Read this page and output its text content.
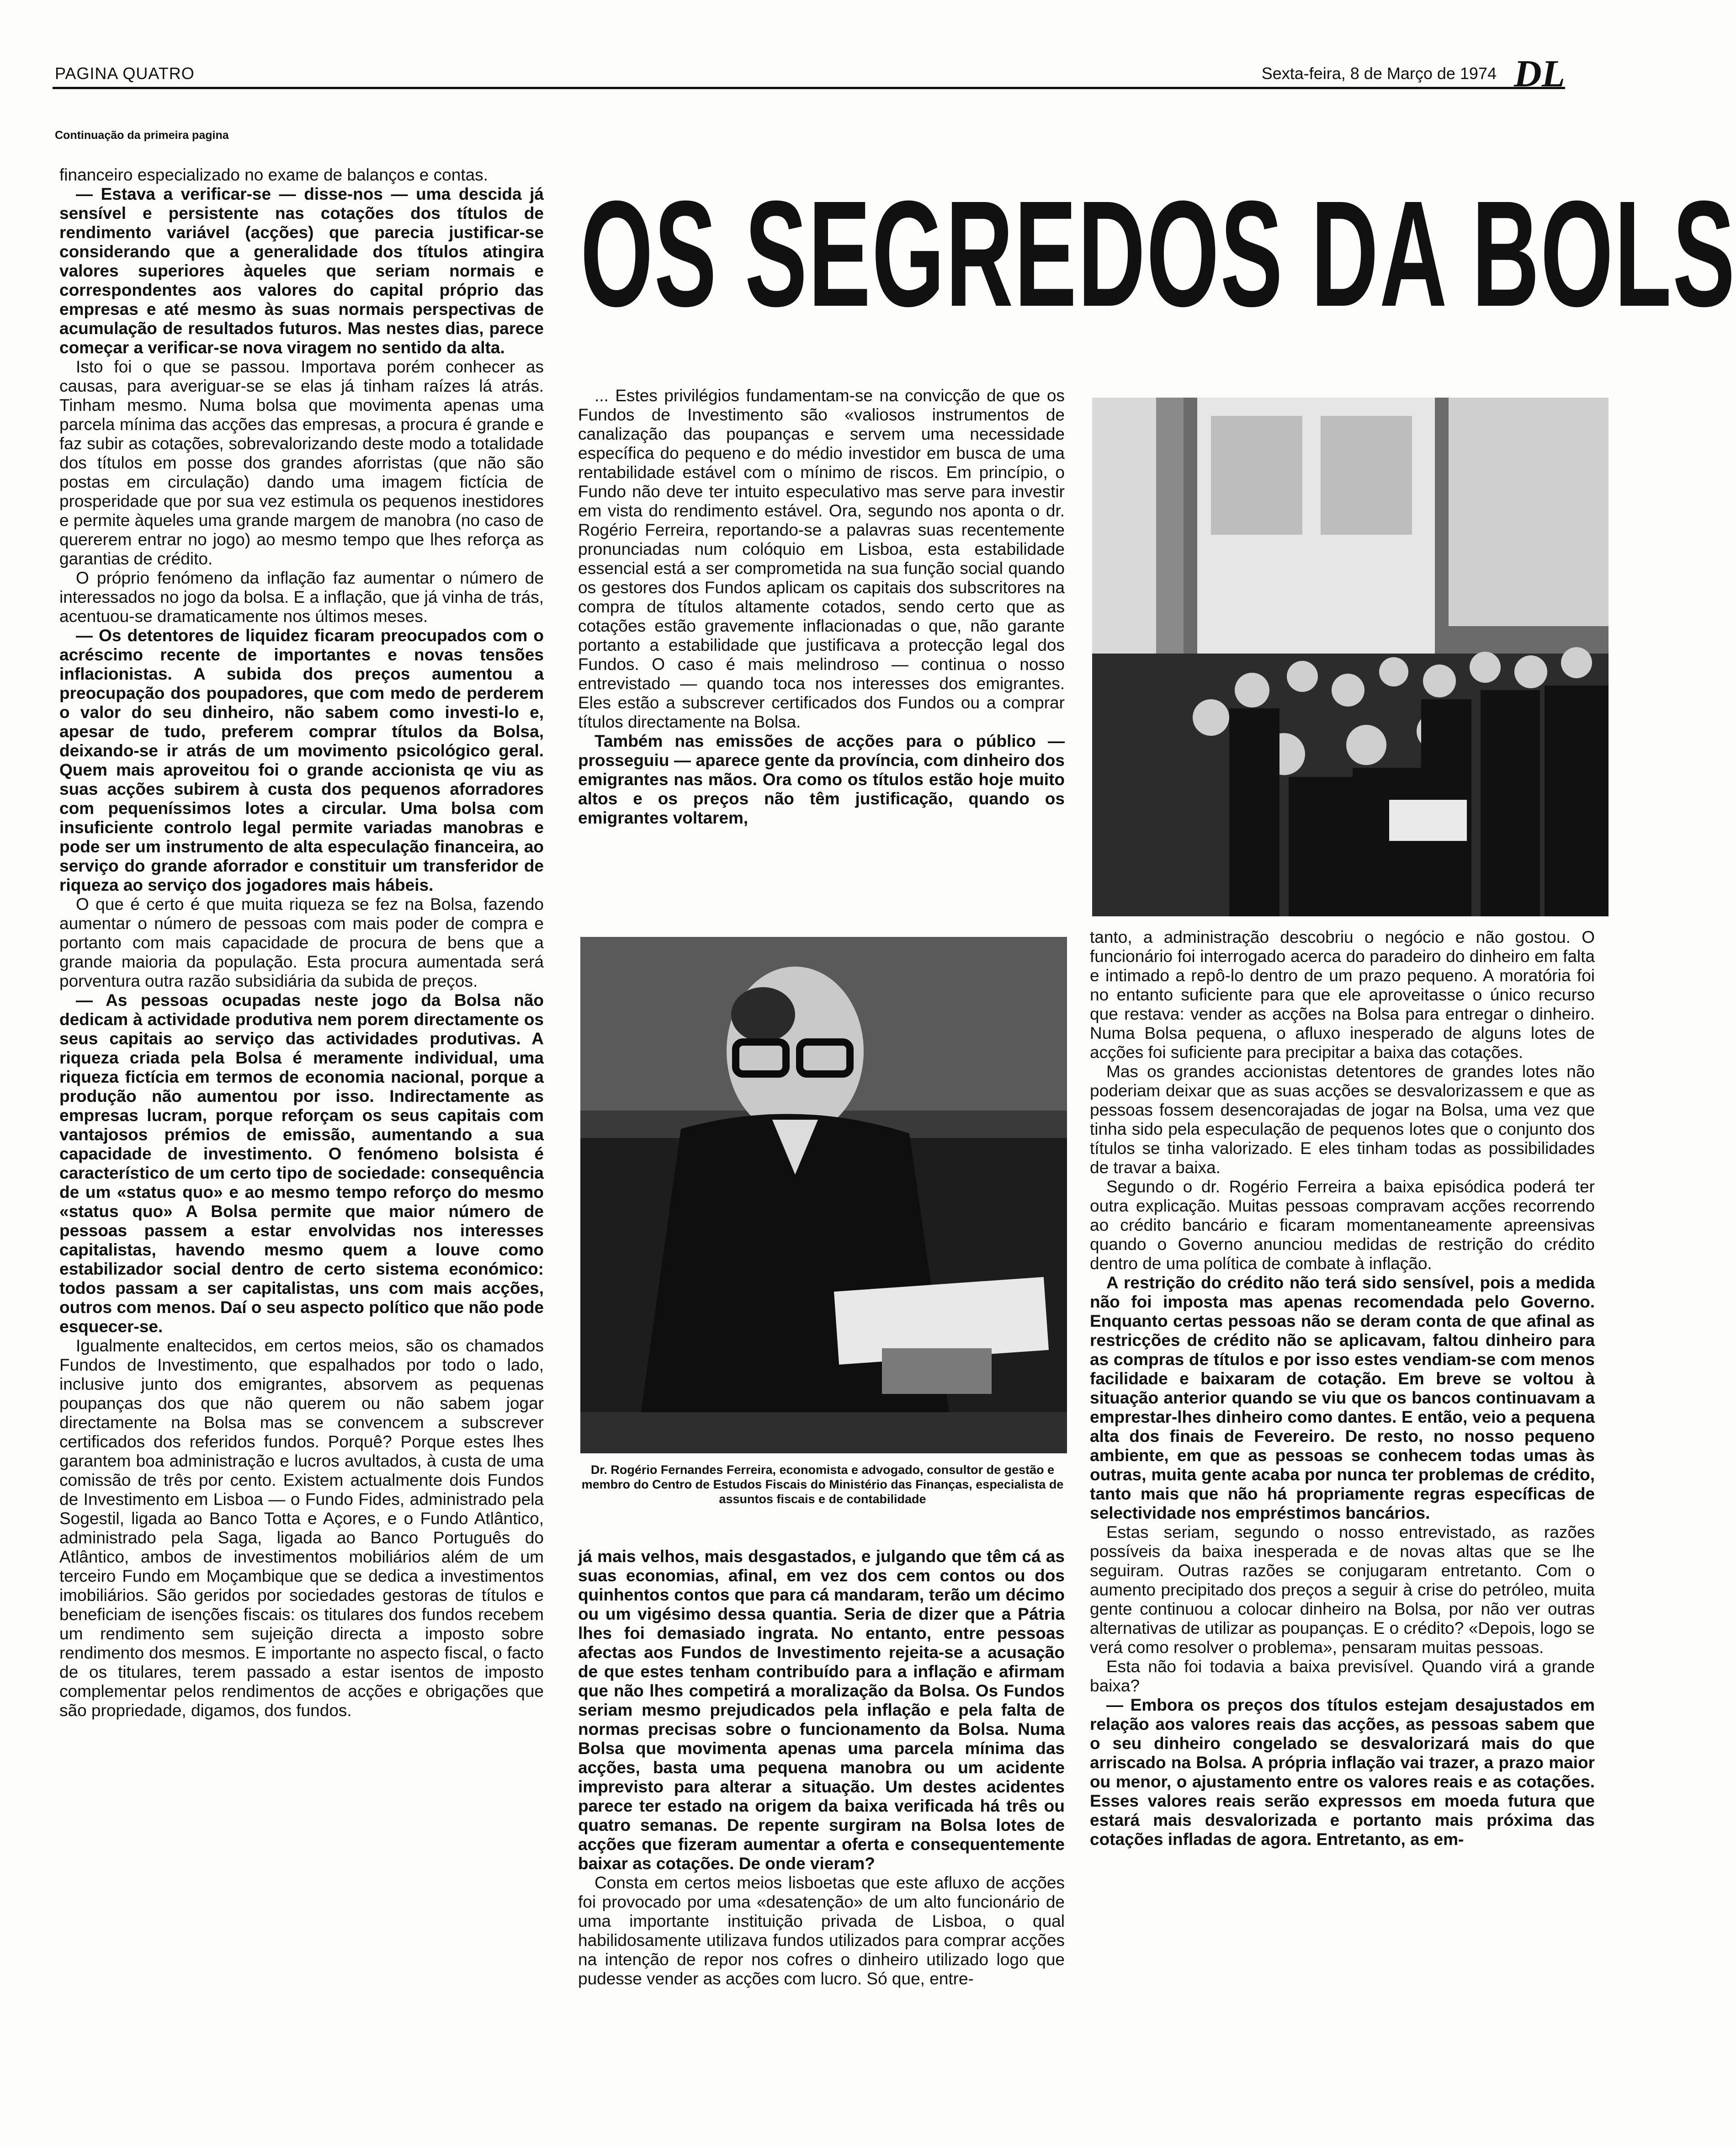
PAGINA QUATRO	Sexta-feira, 8 de Março de 1974 DL
Continuação da primeira pagina
OS SEGREDOS DA BOLS

financeiro especializado no exame de balanços e contas.

— Estava a verificar-se — disse-nos — uma descida já sensível e persistente nas cotações dos títulos de rendimento variável (acções) que parecia justificar-se considerando que a generalidade dos títulos atingira valores superiores àqueles que seriam normais e correspondentes aos valores do capital próprio das empresas e até mesmo às suas normais perspectivas de acumulação de resultados futuros. Mas nestes dias, parece começar a verificar-se nova viragem no sentido da alta.

Isto foi o que se passou. Importava porém conhecer as causas, para averiguar-se se elas já tinham raízes lá atrás. Tinham mesmo. Numa bolsa que movimenta apenas uma parcela mínima das acções das empresas, a procura é grande e faz subir as cotações, sobrevalorizando deste modo a totalidade dos títulos em posse dos grandes aforristas (que não são postas em circulação) dando uma imagem fictícia de prosperidade que por sua vez estimula os pequenos inestidores e permite àqueles uma grande margem de manobra (no caso de quererem entrar no jogo) ao mesmo tempo que lhes reforça as garantias de crédito.

O próprio fenómeno da inflação faz aumentar o número de interessados no jogo da bolsa. E a inflação, que já vinha de trás, acentuou-se dramaticamente nos últimos meses.

— Os detentores de liquidez ficaram preocupados com o acréscimo recente de importantes e novas tensões inflacionistas. A subida dos preços aumentou a preocupação dos poupadores, que com medo de perderem o valor do seu dinheiro, não sabem como investi-lo e, apesar de tudo, preferem comprar títulos da Bolsa, deixando-se ir atrás de um movimento psicológico geral. Quem mais aproveitou foi o grande accionista qe viu as suas acções subirem à custa dos pequenos aforradores com pequeníssimos lotes a circular. Uma bolsa com insuficiente controlo legal permite variadas manobras e pode ser um instrumento de alta especulação financeira, ao serviço do grande aforrador e constituir um transferidor de riqueza ao serviço dos jogadores mais hábeis.

O que é certo é que muita riqueza se fez na Bolsa, fazendo aumentar o número de pessoas com mais poder de compra e portanto com mais capacidade de procura de bens que a grande maioria da população. Esta procura aumentada será porventura outra razão subsidiária da subida de preços.

— As pessoas ocupadas neste jogo da Bolsa não dedicam à actividade produtiva nem porem directamente os seus capitais ao serviço das actividades produtivas. A riqueza criada pela Bolsa é meramente individual, uma riqueza fictícia em termos de economia nacional, porque a produção não aumentou por isso. Indirectamente as empresas lucram, porque reforçam os seus capitais com vantajosos prémios de emissão, aumentando a sua capacidade de investimento. O fenómeno bolsista é característico de um certo tipo de sociedade: consequência de um «status quo» e ao mesmo tempo reforço do mesmo «status quo» A Bolsa permite que maior número de pessoas passem a estar envolvidas nos interesses capitalistas, havendo mesmo quem a louve como estabilizador social dentro de certo sistema económico: todos passam a ser capitalistas, uns com mais acções, outros com menos. Daí o seu aspecto político que não pode esquecer-se.

Igualmente enaltecidos, em certos meios, são os chamados Fundos de Investimento, que espalhados por todo o lado, inclusive junto dos emigrantes, absorvem as pequenas poupanças dos que não querem ou não sabem jogar directamente na Bolsa mas se convencem a subscrever certificados dos referidos fundos. Porquê? Porque estes lhes garantem boa administração e lucros avultados, à custa de uma comissão de três por cento. Existem actualmente dois Fundos de Investimento em Lisboa — o Fundo Fides, administrado pela Sogestil, ligada ao Banco Totta e Açores, e o Fundo Atlântico, administrado pela Saga, ligada ao Banco Português do Atlântico, ambos de investimentos mobiliários além de um terceiro Fundo em Moçambique que se dedica a investimentos imobiliários. São geridos por sociedades gestoras de títulos e beneficiam de isenções fiscais: os titulares dos fundos recebem um rendimento sem sujeição directa a imposto sobre rendimento dos mesmos. E importante no aspecto fiscal, o facto de os titulares, terem passado a estar isentos de imposto complementar pelos rendimentos de acções e obrigações que são propriedade, digamos, dos fundos.

... Estes privilégios fundamentam-se na convicção de que os Fundos de Investimento são «valiosos instrumentos de canalização das poupanças e servem uma necessidade específica do pequeno e do médio investidor em busca de uma rentabilidade estável com o mínimo de riscos. Em princípio, o Fundo não deve ter intuito especulativo mas serve para investir em vista do rendimento estável. Ora, segundo nos aponta o dr. Rogério Ferreira, reportando-se a palavras suas recentemente pronunciadas num colóquio em Lisboa, esta estabilidade essencial está a ser comprometida na sua função social quando os gestores dos Fundos aplicam os capitais dos subscritores na compra de títulos altamente cotados, sendo certo que as cotações estão gravemente inflacionadas o que, não garante portanto a estabilidade que justificava a protecção legal dos Fundos. O caso é mais melindroso — continua o nosso entrevistado — quando toca nos interesses dos emigrantes. Eles estão a subscrever certificados dos Fundos ou a comprar títulos directamente na Bolsa.

Também nas emissões de acções para o público — prosseguiu — aparece gente da província, com dinheiro dos emigrantes nas mãos. Ora como os títulos estão hoje muito altos e os preços não têm justificação, quando os emigrantes voltarem,

Dr. Rogério Fernandes Ferreira, economista e advogado, consultor de gestão e membro do Centro de Estudos Fiscais do Ministério das Finanças, especialista de assuntos fiscais e de contabilidade

já mais velhos, mais desgastados, e julgando que têm cá as suas economias, afinal, em vez dos cem contos ou dos quinhentos contos que para cá mandaram, terão um décimo ou um vigésimo dessa quantia. Seria de dizer que a Pátria lhes foi demasiado ingrata. No entanto, entre pessoas afectas aos Fundos de Investimento rejeita-se a acusação de que estes tenham contribuído para a inflação e afirmam que não lhes competirá a moralização da Bolsa. Os Fundos seriam mesmo prejudicados pela inflação e pela falta de normas precisas sobre o funcionamento da Bolsa. Numa Bolsa que movimenta apenas uma parcela mínima das acções, basta uma pequena manobra ou um acidente imprevisto para alterar a situação. Um destes acidentes parece ter estado na origem da baixa verificada há três ou quatro semanas. De repente surgiram na Bolsa lotes de acções que fizeram aumentar a oferta e consequentemente baixar as cotações. De onde vieram?

Consta em certos meios lisboetas que este afluxo de acções foi provocado por uma «desatenção» de um alto funcionário de uma importante instituição privada de Lisboa, o qual habilidosamente utilizava fundos utilizados para comprar acções na intenção de repor nos cofres o dinheiro utilizado logo que pudesse vender as acções com lucro. Só que, entre-

tanto, a administração descobriu o negócio e não gostou. O funcionário foi interrogado acerca do paradeiro do dinheiro em falta e intimado a repô-lo dentro de um prazo pequeno. A moratória foi no entanto suficiente para que ele aproveitasse o único recurso que restava: vender as acções na Bolsa para entregar o dinheiro. Numa Bolsa pequena, o afluxo inesperado de alguns lotes de acções foi suficiente para precipitar a baixa das cotações.

Mas os grandes accionistas detentores de grandes lotes não poderiam deixar que as suas acções se desvalorizassem e que as pessoas fossem desencorajadas de jogar na Bolsa, uma vez que tinha sido pela especulação de pequenos lotes que o conjunto dos títulos se tinha valorizado. E eles tinham todas as possibilidades de travar a baixa.

Segundo o dr. Rogério Ferreira a baixa episódica poderá ter outra explicação. Muitas pessoas compravam acções recorrendo ao crédito bancário e ficaram momentaneamente apreensivas quando o Governo anunciou medidas de restrição do crédito dentro de uma política de combate à inflação.

A restrição do crédito não terá sido sensível, pois a medida não foi imposta mas apenas recomendada pelo Governo. Enquanto certas pessoas não se deram conta de que afinal as restricções de crédito não se aplicavam, faltou dinheiro para as compras de títulos e por isso estes vendiam-se com menos facilidade e baixaram de cotação. Em breve se voltou à situação anterior quando se viu que os bancos continuavam a emprestar-lhes dinheiro como dantes. E então, veio a pequena alta dos finais de Fevereiro. De resto, no nosso pequeno ambiente, em que as pessoas se conhecem todas umas às outras, muita gente acaba por nunca ter problemas de crédito, tanto mais que não há propriamente regras específicas de selectividade nos empréstimos bancários.

Estas seriam, segundo o nosso entrevistado, as razões possíveis da baixa inesperada e de novas altas que se lhe seguiram. Outras razões se conjugaram entretanto. Com o aumento precipitado dos preços a seguir à crise do petróleo, muita gente continuou a colocar dinheiro na Bolsa, por não ver outras alternativas de utilizar as poupanças. E o crédito? «Depois, logo se verá como resolver o problema», pensaram muitas pessoas.

Esta não foi todavia a baixa previsível. Quando virá a grande baixa?

— Embora os preços dos títulos estejam desajustados em relação aos valores reais das acções, as pessoas sabem que o seu dinheiro congelado se desvalorizará mais do que arriscado na Bolsa. A própria inflação vai trazer, a prazo maior ou menor, o ajustamento entre os valores reais e as cotações. Esses valores reais serão expressos em moeda futura que estará mais desvalorizada e portanto mais próxima das cotações infladas de agora. Entretanto, as em-
